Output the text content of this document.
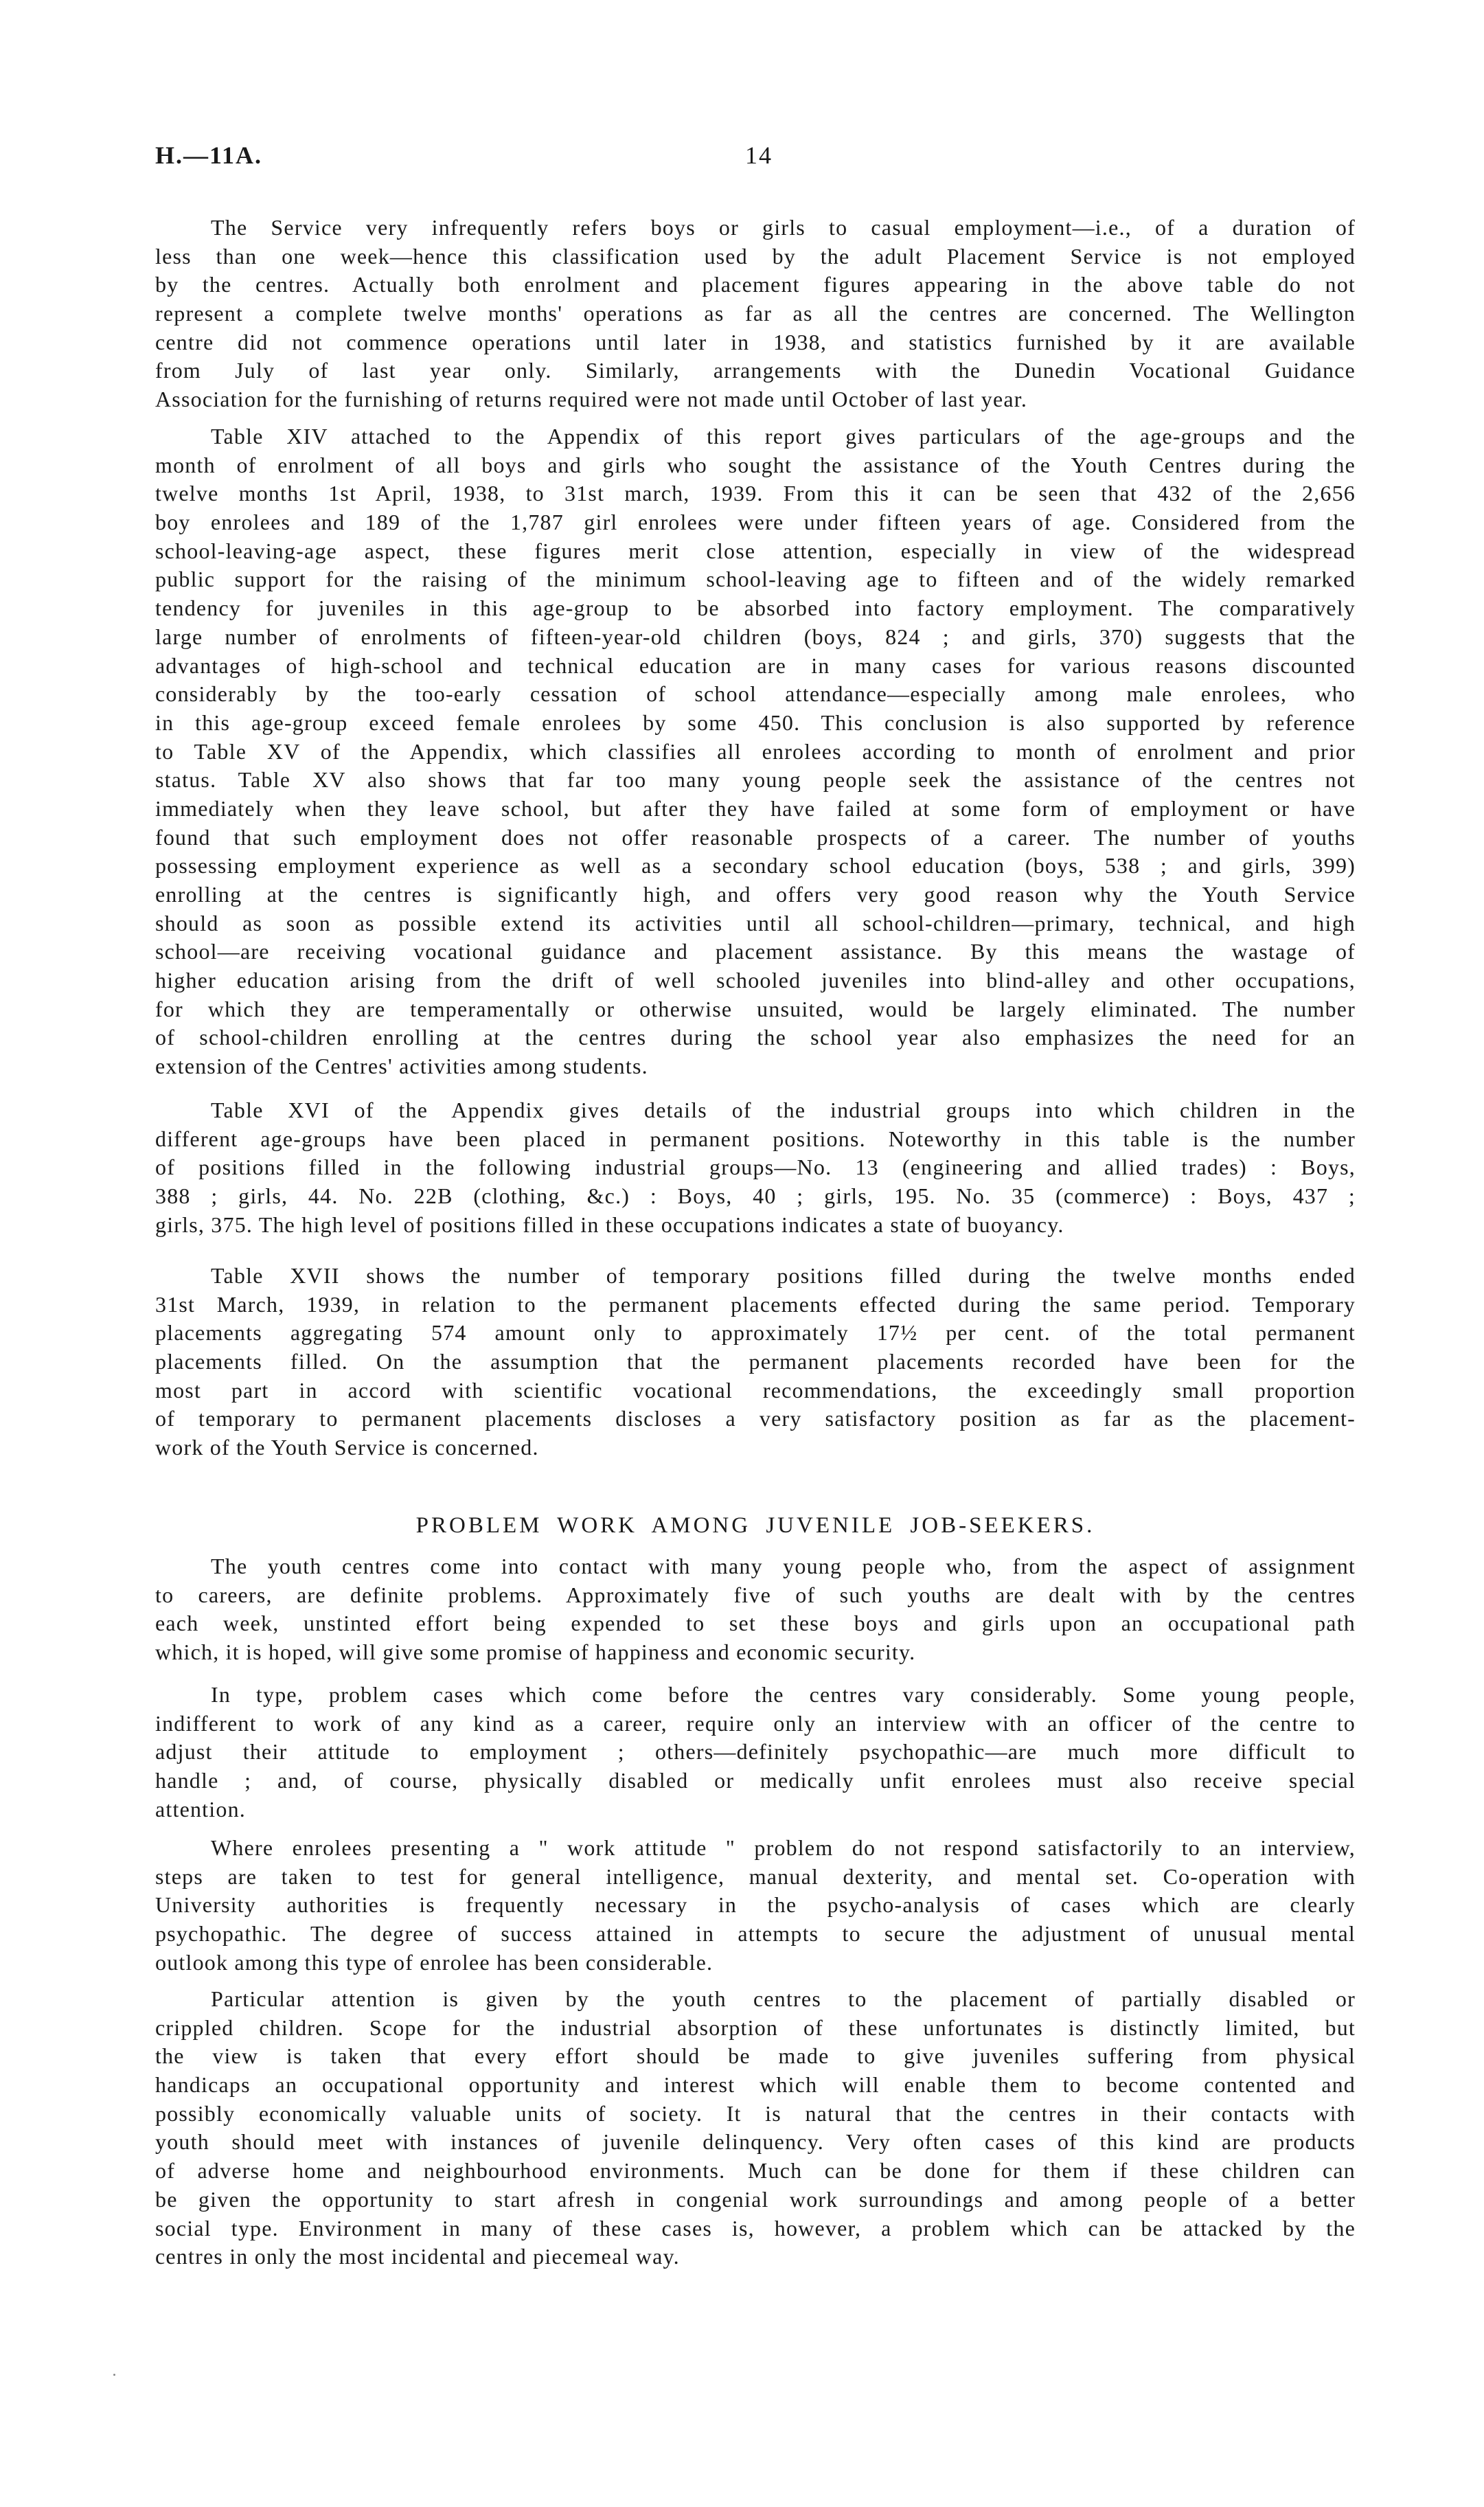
H.—11A.	14
The Service very infrequently refers boys or girls to casual employment—i.e., of a duration of
less than one week—hence this classification used by the adult Placement Service is not employed
by the centres. Actually both enrolment and placement figures appearing in the above table do not
represent a complete twelve months' operations as far as all the centres are concerned. The Wellington
centre did not commence operations until later in 1938, and statistics furnished by it are available
from July of last year only. Similarly, arrangements with the Dunedin Vocational Guidance
Association for the furnishing of returns required were not made until October of last year.
Table XIV attached to the Appendix of this report gives particulars of the age-groups and the
month of enrolment of all boys and girls who sought the assistance of the Youth Centres during the
twelve months 1st April, 1938, to 31st march, 1939. From this it can be seen that 432 of the 2,656
boy enrolees and 189 of the 1,787 girl enrolees were under fifteen years of age. Considered from the
school-leaving-age aspect, these figures merit close attention, especially in view of the widespread
public support for the raising of the minimum school-leaving age to fifteen and of the widely remarked
tendency for juveniles in this age-group to be absorbed into factory employment. The comparatively
large number of enrolments of fifteen-year-old children (boys, 824 ; and girls, 370) suggests that the
advantages of high-school and technical education are in many cases for various reasons discounted
considerably by the too-early cessation of school attendance—especially among male enrolees, who
in this age-group exceed female enrolees by some 450. This conclusion is also supported by reference
to Table XV of the Appendix, which classifies all enrolees according to month of enrolment and prior
status. Table XV also shows that far too many young people seek the assistance of the centres not
immediately when they leave school, but after they have failed at some form of employment or have
found that such employment does not offer reasonable prospects of a career. The number of youths
possessing employment experience as well as a secondary school education (boys, 538 ; and girls, 399)
enrolling at the centres is significantly high, and offers very good reason why the Youth Service
should as soon as possible extend its activities until all school-children—primary, technical, and high
school—are receiving vocational guidance and placement assistance. By this means the wastage of
higher education arising from the drift of well schooled juveniles into blind-alley and other occupations,
for which they are temperamentally or otherwise unsuited, would be largely eliminated. The number
of school-children enrolling at the centres during the school year also emphasizes the need for an
extension of the Centres' activities among students.
Table XVI of the Appendix gives details of the industrial groups into which children in the
different age-groups have been placed in permanent positions. Noteworthy in this table is the number
of positions filled in the following industrial groups—No. 13 (engineering and allied trades) : Boys,
388 ; girls, 44. No. 22B (clothing, &c.) : Boys, 40 ; girls, 195. No. 35 (commerce) : Boys, 437 ;
girls, 375. The high level of positions filled in these occupations indicates a state of buoyancy.
Table XVII shows the number of temporary positions filled during the twelve months ended
31st March, 1939, in relation to the permanent placements effected during the same period. Temporary
placements aggregating 574 amount only to approximately 17½ per cent. of the total permanent
placements filled. On the assumption that the permanent placements recorded have been for the
most part in accord with scientific vocational recommendations, the exceedingly small proportion
of temporary to permanent placements discloses a very satisfactory position as far as the placement-
work of the Youth Service is concerned.
PROBLEM WORK AMONG JUVENILE JOB-SEEKERS.
The youth centres come into contact with many young people who, from the aspect of assignment
to careers, are definite problems. Approximately five of such youths are dealt with by the centres
each week, unstinted effort being expended to set these boys and girls upon an occupational path
which, it is hoped, will give some promise of happiness and economic security.
In type, problem cases which come before the centres vary considerably. Some young people,
indifferent to work of any kind as a career, require only an interview with an officer of the centre to
adjust their attitude to employment ; others—definitely psychopathic—are much more difficult to
handle ; and, of course, physically disabled or medically unfit enrolees must also receive special
attention.
Where enrolees presenting a " work attitude " problem do not respond satisfactorily to an interview,
steps are taken to test for general intelligence, manual dexterity, and mental set. Co-operation with
University authorities is frequently necessary in the psycho-analysis of cases which are clearly
psychopathic. The degree of success attained in attempts to secure the adjustment of unusual mental
outlook among this type of enrolee has been considerable.
Particular attention is given by the youth centres to the placement of partially disabled or
crippled children. Scope for the industrial absorption of these unfortunates is distinctly limited, but
the view is taken that every effort should be made to give juveniles suffering from physical
handicaps an occupational opportunity and interest which will enable them to become contented and
possibly economically valuable units of society. It is natural that the centres in their contacts with
youth should meet with instances of juvenile delinquency. Very often cases of this kind are products
of adverse home and neighbourhood environments. Much can be done for them if these children can
be given the opportunity to start afresh in congenial work surroundings and among people of a better
social type. Environment in many of these cases is, however, a problem which can be attacked by the
centres in only the most incidental and piecemeal way.
